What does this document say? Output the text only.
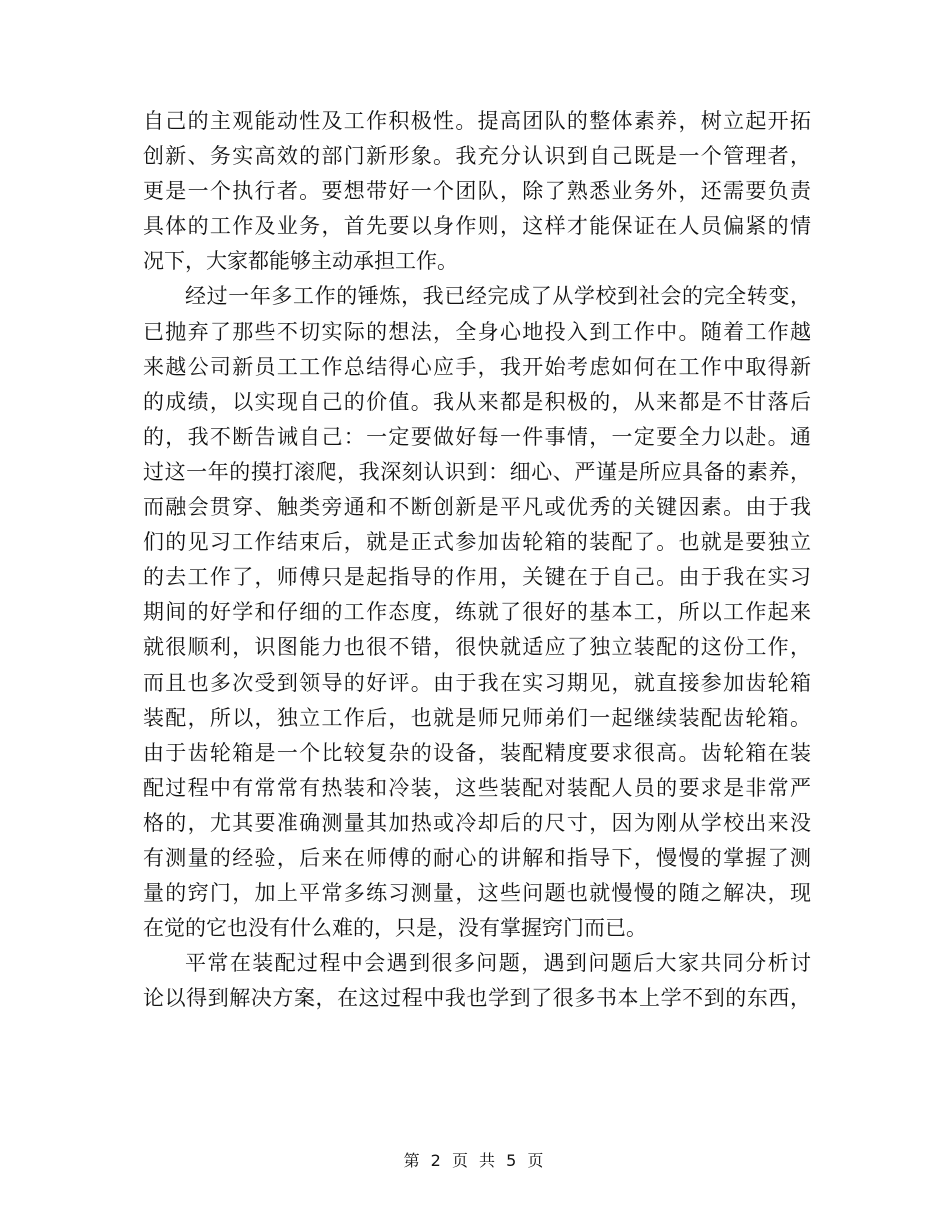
自己的主观能动性及工作积极性。提高团队的整体素养，树立起开拓
创新、务实高效的部门新形象。我充分认识到自己既是一个管理者，
更是一个执行者。要想带好一个团队，除了熟悉业务外，还需要负责
具体的工作及业务，首先要以身作则，这样才能保证在人员偏紧的情
况下，大家都能够主动承担工作。
经过一年多工作的锤炼，我已经完成了从学校到社会的完全转变，
已抛弃了那些不切实际的想法，全身心地投入到工作中。随着工作越
来越公司新员工工作总结得心应手，我开始考虑如何在工作中取得新
的成绩，以实现自己的价值。我从来都是积极的，从来都是不甘落后
的，我不断告诫自己：一定要做好每一件事情，一定要全力以赴。通
过这一年的摸打滚爬，我深刻认识到：细心、严谨是所应具备的素养，
而融会贯穿、触类旁通和不断创新是平凡或优秀的关键因素。由于我
们的见习工作结束后，就是正式参加齿轮箱的装配了。也就是要独立
的去工作了，师傅只是起指导的作用，关键在于自己。由于我在实习
期间的好学和仔细的工作态度，练就了很好的基本工，所以工作起来
就很顺利，识图能力也很不错，很快就适应了独立装配的这份工作，
而且也多次受到领导的好评。由于我在实习期见，就直接参加齿轮箱
装配，所以，独立工作后，也就是师兄师弟们一起继续装配齿轮箱。
由于齿轮箱是一个比较复杂的设备，装配精度要求很高。齿轮箱在装
配过程中有常常有热装和冷装，这些装配对装配人员的要求是非常严
格的，尤其要准确测量其加热或冷却后的尺寸，因为刚从学校出来没
有测量的经验，后来在师傅的耐心的讲解和指导下，慢慢的掌握了测
量的窍门，加上平常多练习测量，这些问题也就慢慢的随之解决，现
在觉的它也没有什么难的，只是，没有掌握窍门而已。
平常在装配过程中会遇到很多问题，遇到问题后大家共同分析讨
论以得到解决方案，在这过程中我也学到了很多书本上学不到的东西，
第 2 页 共 5 页
